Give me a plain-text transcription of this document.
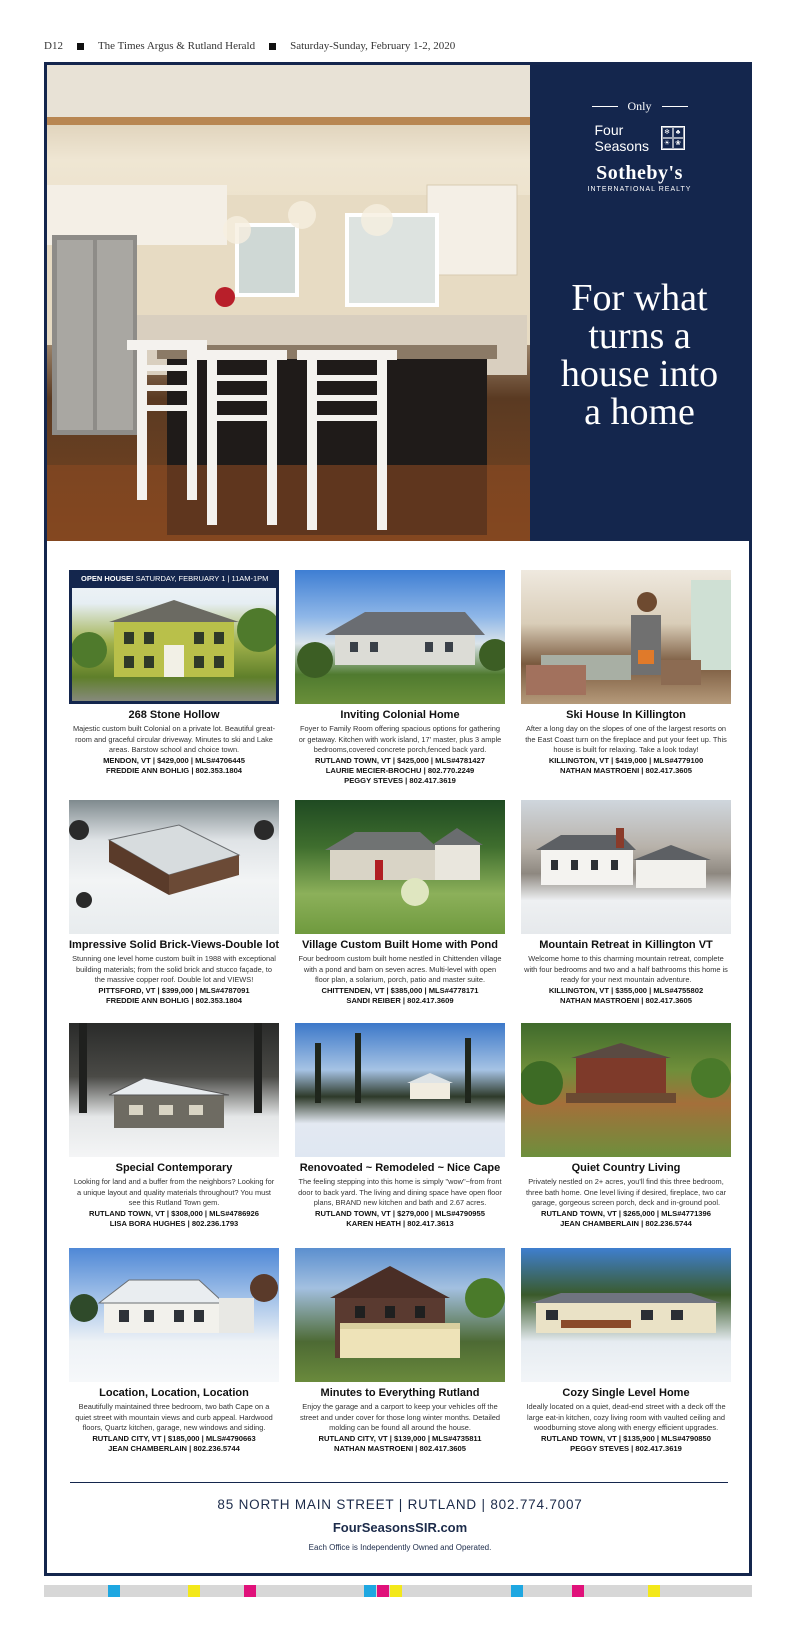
D12	The Times Argus & Rutland Herald	Saturday-Sunday, February 1-2, 2020
Only
Four
Seasons
❄ ♣
☀ ❀
Sotheby's
INTERNATIONAL REALTY
For what
turns a
house into
a home
OPEN HOUSE! SATURDAY, FEBRUARY 1 | 11AM-1PM
268 Stone Hollow
Majestic custom built Colonial on a private lot. Beautiful great-room and graceful circular driveway. Minutes to ski and Lake areas. Barstow school and choice town.
MENDON, VT | $429,000 | MLS#4706445
FREDDIE ANN BOHLIG | 802.353.1804
Inviting Colonial Home
Foyer to Family Room offering spacious options for gathering or getaway. Kitchen with work island, 17' master, plus 3 ample bedrooms,covered concrete porch,fenced back yard.
RUTLAND TOWN, VT | $425,000 | MLS#4781427
LAURIE MECIER-BROCHU | 802.770.2249
PEGGY STEVES | 802.417.3619
Ski House In Killington
After a long day on the slopes of one of the largest resorts on the East Coast turn on the fireplace and put your feet up. This house is built for relaxing. Take a look today!
KILLINGTON, VT | $419,000 | MLS#4779100
NATHAN MASTROENI | 802.417.3605
Impressive Solid Brick-Views-Double lot
Stunning one level home custom built in 1988 with exceptional building materials; from the solid brick and stucco façade, to the massive copper roof. Double lot and VIEWS!
PITTSFORD, VT | $399,000 | MLS#4787091
FREDDIE ANN BOHLIG | 802.353.1804
Village Custom Built Home with Pond
Four bedroom custom built home nestled in Chittenden village with a pond and barn on seven acres. Multi-level with open floor plan, a solarium, porch, patio and master suite.
CHITTENDEN, VT | $385,000 | MLS#4778171
SANDI REIBER | 802.417.3609
Mountain Retreat in Killington VT
Welcome home to this charming mountain retreat, complete with four bedrooms and two and a half bathrooms this home is ready for your next mountain adventure.
KILLINGTON, VT | $355,000 | MLS#4755802
NATHAN MASTROENI | 802.417.3605
Special Contemporary
Looking for land and a buffer from the neighbors? Looking for a unique layout and quality materials throughout? You must see this Rutland Town gem.
RUTLAND TOWN, VT | $308,000 | MLS#4786926
LISA BORA HUGHES | 802.236.1793
Renovoated ~ Remodeled ~ Nice Cape
The feeling stepping into this home is simply "wow"~from front door to back yard. The living and dining space have open floor plans, BRAND new kitchen and bath and 2.67 acres.
RUTLAND TOWN, VT | $279,000 | MLS#4790955
KAREN HEATH | 802.417.3613
Quiet Country Living
Privately nestled on 2+ acres, you'll find this three bedroom, three bath home. One level living if desired, fireplace, two car garage, gorgeous screen porch, deck and in-ground pool.
RUTLAND TOWN, VT | $265,000 | MLS#4771396
JEAN CHAMBERLAIN | 802.236.5744
Location, Location, Location
Beautifully maintained three bedroom, two bath Cape on a quiet street with mountain views and curb appeal. Hardwood floors, Quartz kitchen, garage, new windows and siding.
RUTLAND CITY, VT | $185,000 | MLS#4790663
JEAN CHAMBERLAIN | 802.236.5744
Minutes to Everything Rutland
Enjoy the garage and a carport to keep your vehicles off the street and under cover for those long winter months. Detailed molding can be found all around the house.
RUTLAND CITY, VT | $139,000 | MLS#4735811
NATHAN MASTROENI | 802.417.3605
Cozy Single Level Home
Ideally located on a quiet, dead-end street with a deck off the large eat-in kitchen, cozy living room with vaulted ceiling and woodburning stove along with energy efficient upgrades.
RUTLAND TOWN, VT | $135,900 | MLS#4790850
PEGGY STEVES | 802.417.3619
85 NORTH MAIN STREET | RUTLAND | 802.774.7007
FourSeasonsSIR.com
Each Office is Independently Owned and Operated.
